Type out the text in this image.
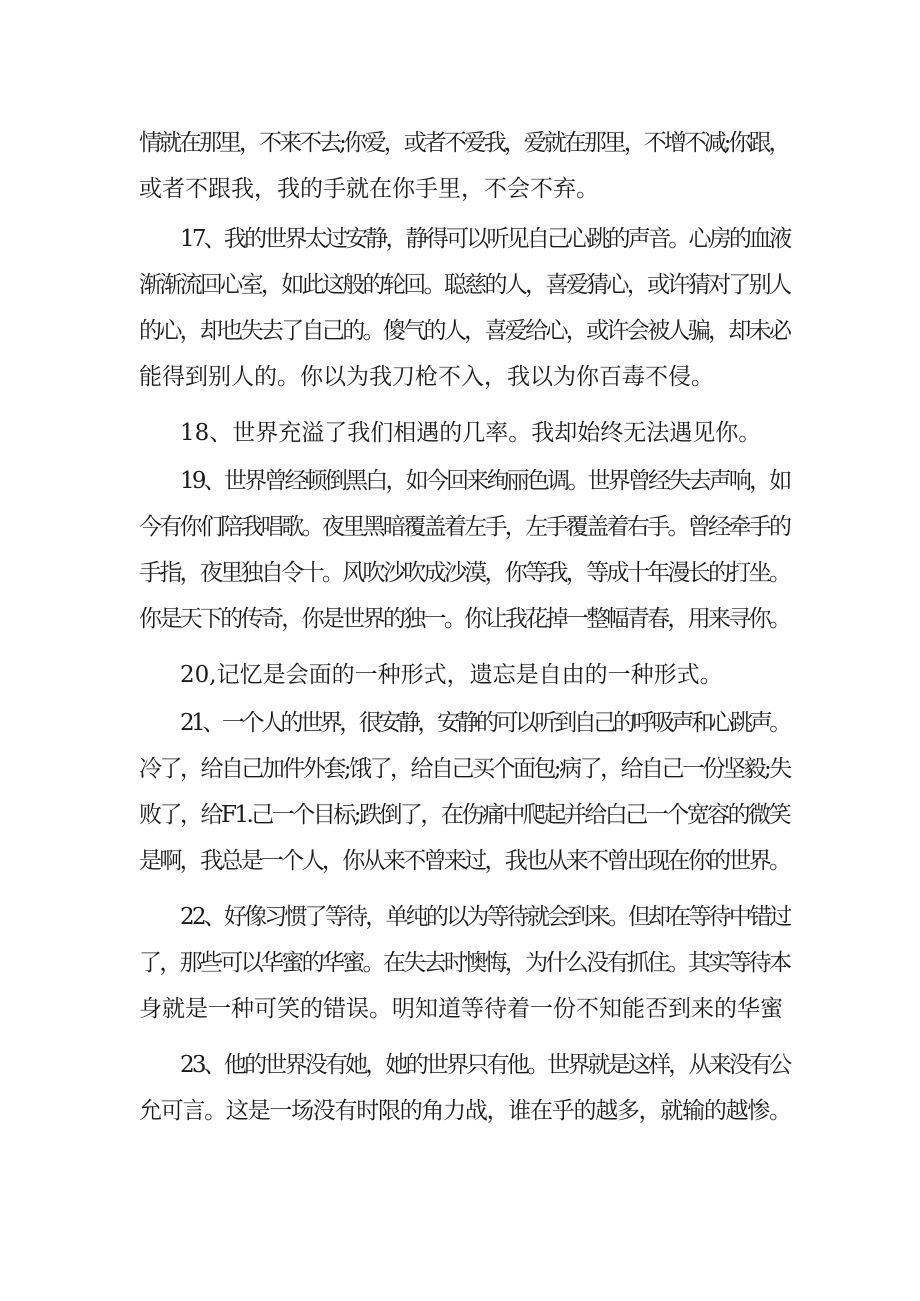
情就在那里，不来不去;你爱，或者不爱我，爱就在那里，不增不减;你跟，
或者不跟我，我的手就在你手里，不会不弃。
17、我的世界太过安静，静得可以听见自己心跳的声音。心房的血液
渐渐流回心室，如此这般的轮回。聪慈的人，喜爱猜心，或许猜对了别人
的心，却也失去了自己的。傻气的人，喜爱给心，或许会被人骗，却未必
能得到别人的。你以为我刀枪不入，我以为你百毒不侵。
18、世界充溢了我们相遇的几率。我却始终无法遇见你。
19、世界曾经顿倒黑白，如今回来绚丽色调。世界曾经失去声响，如
今有你们陪我唱歌。夜里黑暗覆盖着左手，左手覆盖着右手。曾经牵手的
手指，夜里独自令十。风吹沙吹成沙漠，你等我，等成十年漫长的打坐。
你是天下的传奇，你是世界的独一。你让我花掉一整幅青春，用来寻你。
20,记忆是会面的一种形式，遗忘是自由的一种形式。
21、一个人的世界，很安静，安静的可以听到自己的呼吸声和心跳声。
冷了，给自己加件外套;饿了，给自己买个面包;病了，给自己一份坚毅;失
败了，给F1.己一个目标;跌倒了，在伤痛中爬起并给白己一个宽容的微笑
是啊，我总是一个人，你从来不曾来过，我也从来不曾出现在你的世界。
22、好像习惯了等待，单纯的以为等待就会到来。但却在等待中错过
了，那些可以华蜜的华蜜。在失去时懊悔，为什么没有抓住。其实等待本
身就是一种可笑的错误。明知道等待着一份不知能否到来的华蜜
23、他的世界没有她，她的世界只有他。世界就是这样，从来没有公
允可言。这是一场没有时限的角力战，谁在乎的越多，就输的越惨。
